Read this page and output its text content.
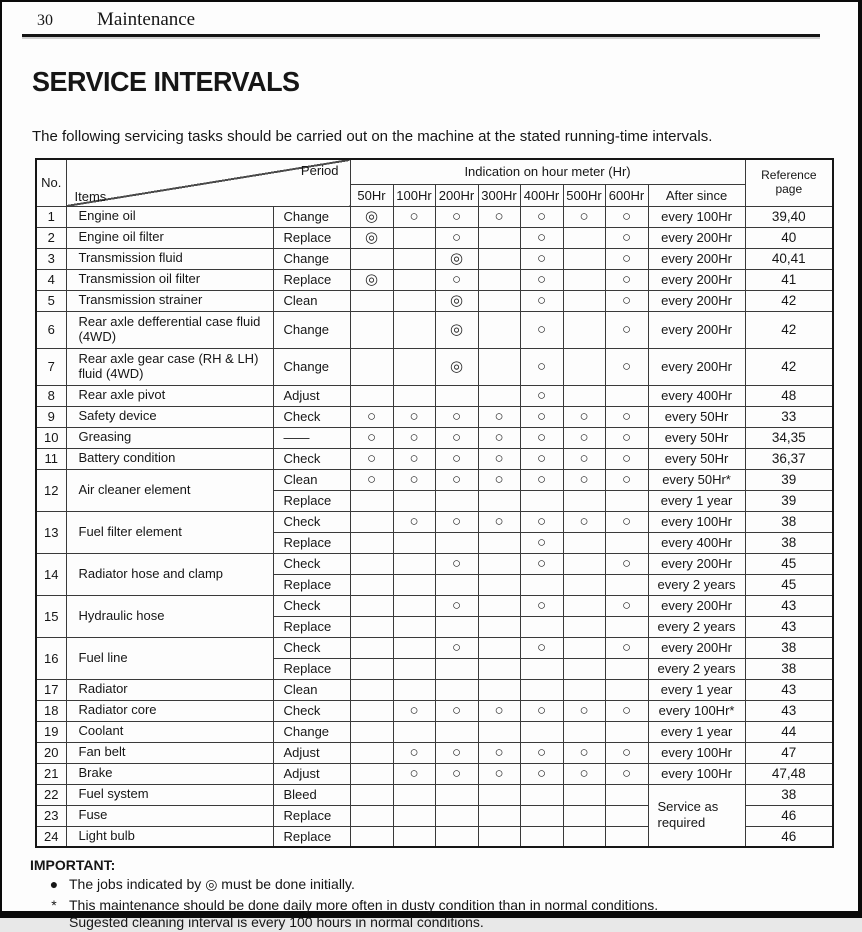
30 Maintenance
SERVICE INTERVALS
The following servicing tasks should be carried out on the machine at the stated running-time intervals.
No.	Period
Items		Indication on hour meter (Hr)								Reference page
			50Hr	100Hr	200Hr	300Hr	400Hr	500Hr	600Hr	After since	
1	Engine oil	Change	◎	○	○	○	○	○	○	every 100Hr	39,40
2	Engine oil filter	Replace	◎		○		○		○	every 200Hr	40
3	Transmission fluid	Change			◎		○		○	every 200Hr	40,41
4	Transmission oil filter	Replace	◎		○		○		○	every 200Hr	41
5	Transmission strainer	Clean			◎		○		○	every 200Hr	42
6	Rear axle defferential case fluid (4WD)	Change			◎		○		○	every 200Hr	42
7	Rear axle gear case (RH & LH) fluid (4WD)	Change			◎		○		○	every 200Hr	42
8	Rear axle pivot	Adjust					○			every 400Hr	48
9	Safety device	Check	○	○	○	○	○	○	○	every 50Hr	33
10	Greasing	——	○	○	○	○	○	○	○	every 50Hr	34,35
11	Battery condition	Check	○	○	○	○	○	○	○	every 50Hr	36,37
12	Air cleaner element	Clean	○	○	○	○	○	○	○	every 50Hr*	39
		Replace								every 1 year	39
13	Fuel filter element	Check		○	○	○	○	○	○	every 100Hr	38
		Replace					○			every 400Hr	38
14	Radiator hose and clamp	Check			○		○		○	every 200Hr	45
		Replace								every 2 years	45
15	Hydraulic hose	Check			○		○		○	every 200Hr	43
		Replace								every 2 years	43
16	Fuel line	Check			○		○		○	every 200Hr	38
		Replace								every 2 years	38
17	Radiator	Clean								every 1 year	43
18	Radiator core	Check		○	○	○	○	○	○	every 100Hr*	43
19	Coolant	Change								every 1 year	44
20	Fan belt	Adjust		○	○	○	○	○	○	every 100Hr	47
21	Brake	Adjust		○	○	○	○	○	○	every 100Hr	47,48
22	Fuel system	Bleed								Service as required	38
23	Fuse	Replace									46
24	Light bulb	Replace									46
IMPORTANT:
● The jobs indicated by ◎ must be done initially.
* This maintenance should be done daily more often in dusty condition than in normal conditions.
Sugested cleaning interval is every 100 hours in normal conditions.
